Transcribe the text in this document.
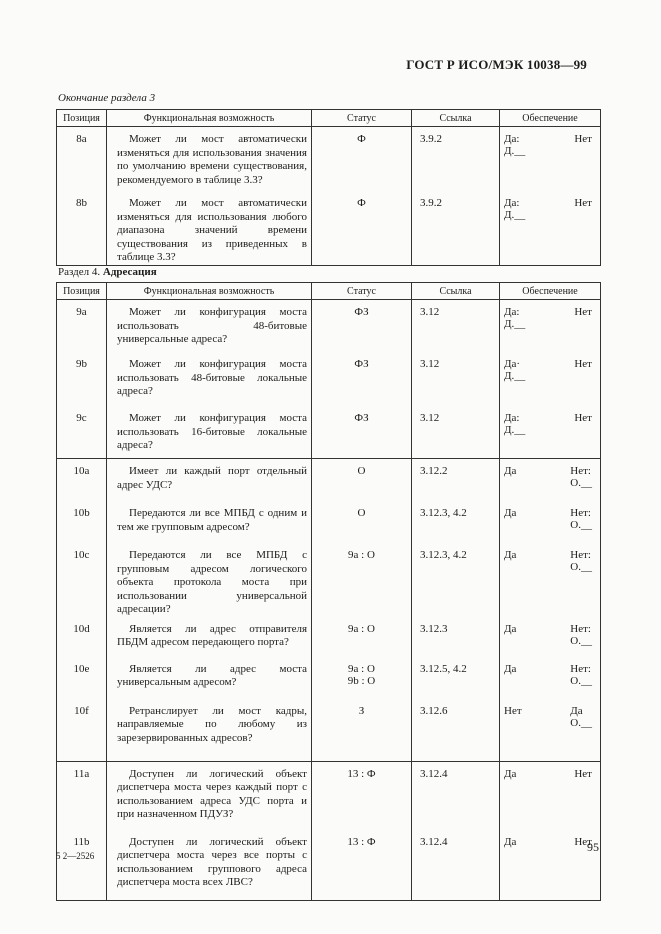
ГОСТ Р ИСО/МЭК 10038—99
Окончание раздела 3
Позиция	Функциональная возможность	Статус	Ссылка	Обеспечение
8a	Может ли мост автоматически изменяться для использования значения по умолчанию времени существования, рекомендуемого в таблице 3.3?	Ф	3.9.2	Да:
Д.__
Нет

8b	Может ли мост автоматически изменяться для использования любого диапазона значений времени существования из приведенных в таблице 3.3?	Ф	3.9.2	Да:
Д.__
Нет
Раздел 4. Адресация
Позиция	Функциональная возможность	Статус	Ссылка	Обеспечение
9a	Может ли конфигурация моста использовать 48-битовые универсальные адреса?	ФЗ	3.12	Да:
Д.__
Нет

9b	Может ли конфигурация моста использовать 48-битовые локальные адреса?	ФЗ	3.12	Да·
Д.__
Нет

9c	Может ли конфигурация моста использовать 16-битовые локальные адреса?	ФЗ	3.12	Да:
Д.__
Нет

10a	Имеет ли каждый порт отдельный адрес УДС?	О	3.12.2	Да Нет:
О.__

10b	Передаются ли все МПБД с одним и тем же групповым адресом?	О	3.12.3, 4.2	Да Нет:
О.__

10c	Передаются ли все МПБД с групповым адресом логического объекта протокола моста при использовании универсальной адресации?	9a : О	3.12.3, 4.2	Да Нет:
О.__

10d	Является ли адрес отправителя ПБДМ адресом передающего порта?	9a : О	3.12.3	Да Нет:
О.__

10e	Является ли адрес моста универсальным адресом?	9a : О
9b : О	3.12.5, 4.2	Да Нет:
О.__

10f	Ретранслирует ли мост кадры, направляемые по любому из зарезервированных адресов?	З	3.12.6	Нет Да
О.__

11a	Доступен ли логический объект диспетчера моста через каждый порт с использованием адреса УДС порта и при назначенном ПДУЗ?	13 : Ф	3.12.4	Да Нет

11b	Доступен ли логический объект диспетчера моста через все порты с использованием группового адреса диспетчера моста всех ЛВС?	13 : Ф	3.12.4	Да Нет
5 2—2526
95
